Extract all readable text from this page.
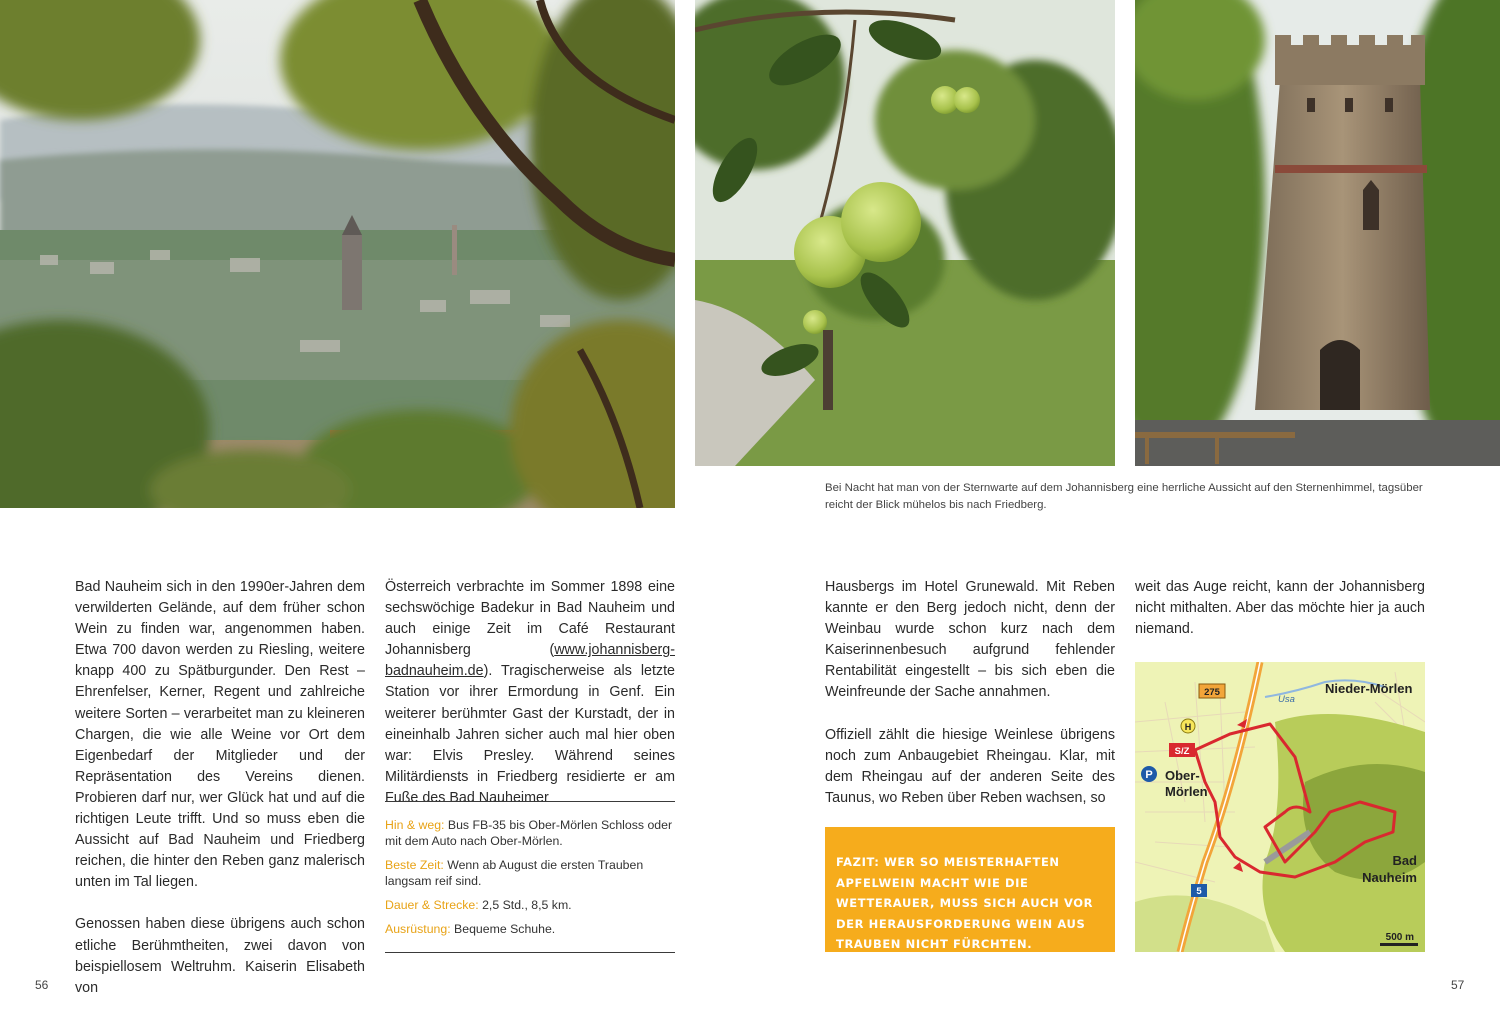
Bei Nacht hat man von der Sternwarte auf dem Johannisberg eine herrliche Aussicht auf den Sternenhimmel, tagsüber reicht der Blick mühelos bis nach Friedberg.

Bad Nauheim sich in den 1990er-Jahren dem verwilderten Gelände, auf dem früher schon Wein zu finden war, angenommen haben. Etwa 700 davon werden zu Riesling, weitere knapp 400 zu Spätburgunder. Den Rest – Ehrenfelser, Kerner, Regent und zahlreiche weitere Sorten – verarbeitet man zu kleineren Chargen, die wie alle Weine vor Ort dem Eigenbedarf der Mitglieder und der Repräsentation des Vereins dienen. Probieren darf nur, wer Glück hat und auf die richtigen Leute trifft. Und so muss eben die Aussicht auf Bad Nauheim und Friedberg reichen, die hinter den Reben ganz malerisch unten im Tal liegen.

Genossen haben diese übrigens auch schon etliche Berühmtheiten, zwei davon von beispiellosem Weltruhm. Kaiserin Elisabeth von

Österreich verbrachte im Sommer 1898 eine sechswöchige Badekur in Bad Nauheim und auch einige Zeit im Café Restaurant Johannisberg (www.johannisberg-badnauheim.de). Tragischerweise als letzte Station vor ihrer Ermordung in Genf. Ein weiterer berühmter Gast der Kurstadt, der in eineinhalb Jahren sicher auch mal hier oben war: Elvis Presley. Während seines Militärdiensts in Friedberg residierte er am Fuße des Bad Nauheimer

Hin & weg: Bus FB-35 bis Ober-Mörlen Schloss oder mit dem Auto nach Ober-Mörlen.
Beste Zeit: Wenn ab August die ersten Trauben langsam reif sind.
Dauer & Strecke: 2,5 Std., 8,5 km.
Ausrüstung: Bequeme Schuhe.

Hausbergs im Hotel Grunewald. Mit Reben kannte er den Berg jedoch nicht, denn der Weinbau wurde schon kurz nach dem Kaiserinnenbesuch aufgrund fehlender Rentabilität eingestellt – bis sich eben die Weinfreunde der Sache annahmen.

Offiziell zählt die hiesige Weinlese übrigens noch zum Anbaugebiet Rheingau. Klar, mit dem Rheingau auf der anderen Seite des Taunus, wo Reben über Reben wachsen, so

weit das Auge reicht, kann der Johannisberg nicht mithalten. Aber das möchte hier ja auch niemand.

FAZIT: WER SO MEISTERHAFTEN APFELWEIN MACHT WIE DIE WETTERAUER, MUSS SICH AUCH VOR DER HERAUSFORDERUNG WEIN AUS TRAUBEN NICHT FÜRCHTEN.
275
Usa
Nieder-Mörlen
H
S/Z
P Ober-
Mörlen
Bad
Nauheim
5
500 m
56	57
